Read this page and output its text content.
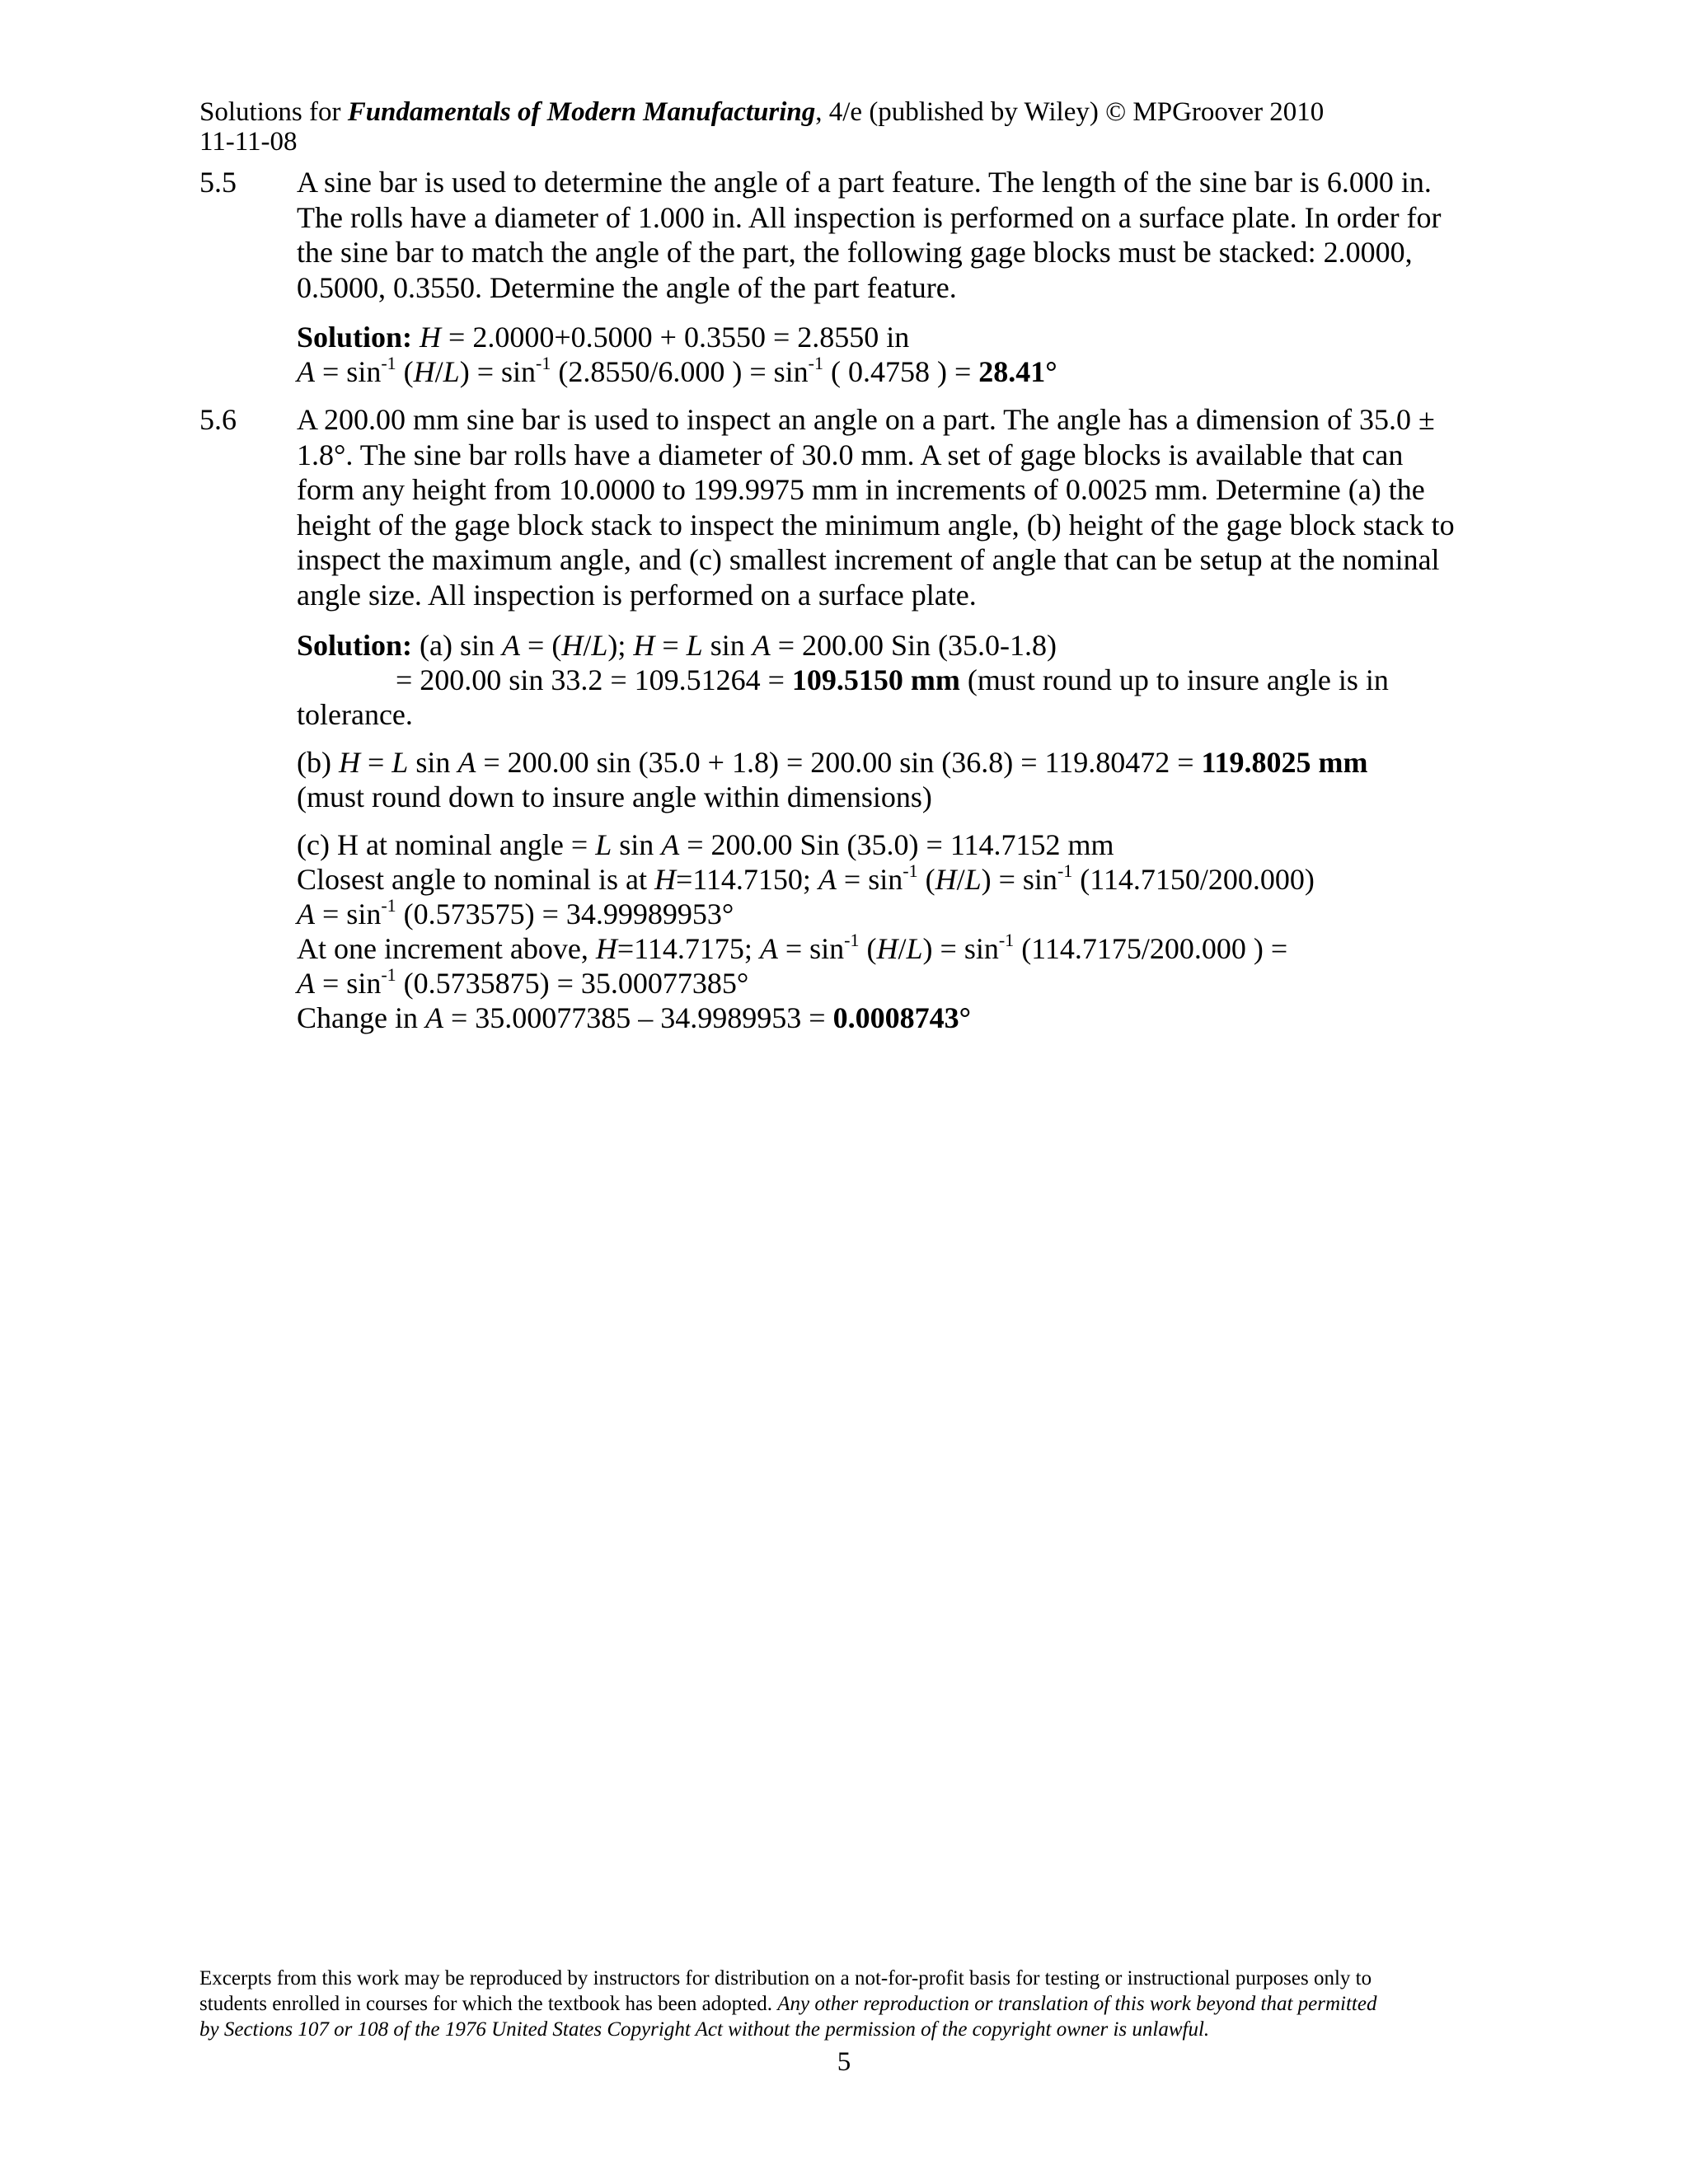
Solutions for Fundamentals of Modern Manufacturing, 4/e (published by Wiley) © MPGroover 2010
11-11-08
5.5 A sine bar is used to determine the angle of a part feature. The length of the sine bar is 6.000 in.
The rolls have a diameter of 1.000 in. All inspection is performed on a surface plate. In order for
the sine bar to match the angle of the part, the following gage blocks must be stacked: 2.0000,
0.5000, 0.3550. Determine the angle of the part feature.

Solution: H = 2.0000+0.5000 + 0.3550 = 2.8550 in

$A = \sin^{-1} (H/L) = \sin^{-1} (2.8550/6.000$ ) = $\sin^{-1}$ ( 0.4758 ) = 28.41°

5.6 A 200.00 mm sine bar is used to inspect an angle on a part. The angle has a dimension of 35.0 ±
1.8°. The sine bar rolls have a diameter of 30.0 mm. A set of gage blocks is available that can
form any height from 10.0000 to 199.9975 mm in increments of 0.0025 mm. Determine (a) the
height of the gage block stack to inspect the minimum angle, (b) height of the gage block stack to
inspect the maximum angle, and (c) smallest increment of angle that can be setup at the nominal
angle size. All inspection is performed on a surface plate.

Solution: (a) sin A = (H/L); H = L sin A = 200.00 Sin (35.0-1.8)

= 200.00 sin 33.2 = 109.51264 = 109.5150 mm (must round up to insure angle is in

tolerance.

(b) H = L sin A = 200.00 sin (35.0 + 1.8) = 200.00 sin (36.8) = 119.80472 = 119.8025 mm

(must round down to insure angle within dimensions)

(c) H at nominal angle = L sin A = 200.00 Sin (35.0) = 114.7152 mm

Closest angle to nominal is at H=114.7150; $A = \sin^{-1} (H/L) = \sin^{-1} (114.7150/200.000)$

$A = \sin^{-1} (0.573575) = 34.99989953^\circ$

At one increment above, H=114.7175; $A = \sin^{-1} (H/L) = \sin^{-1} (114.7175/200.000$ ) =

$A = \sin^{-1} (0.5735875) = 35.00077385^\circ$

Change in A = 35.00077385 – 34.9989953 = 0.0008743°

Excerpts from this work may be reproduced by instructors for distribution on a not-for-profit basis for testing or instructional purposes only to
students enrolled in courses for which the textbook has been adopted. Any other reproduction or translation of this work beyond that permitted
by Sections 107 or 108 of the 1976 United States Copyright Act without the permission of the copyright owner is unlawful.
5
